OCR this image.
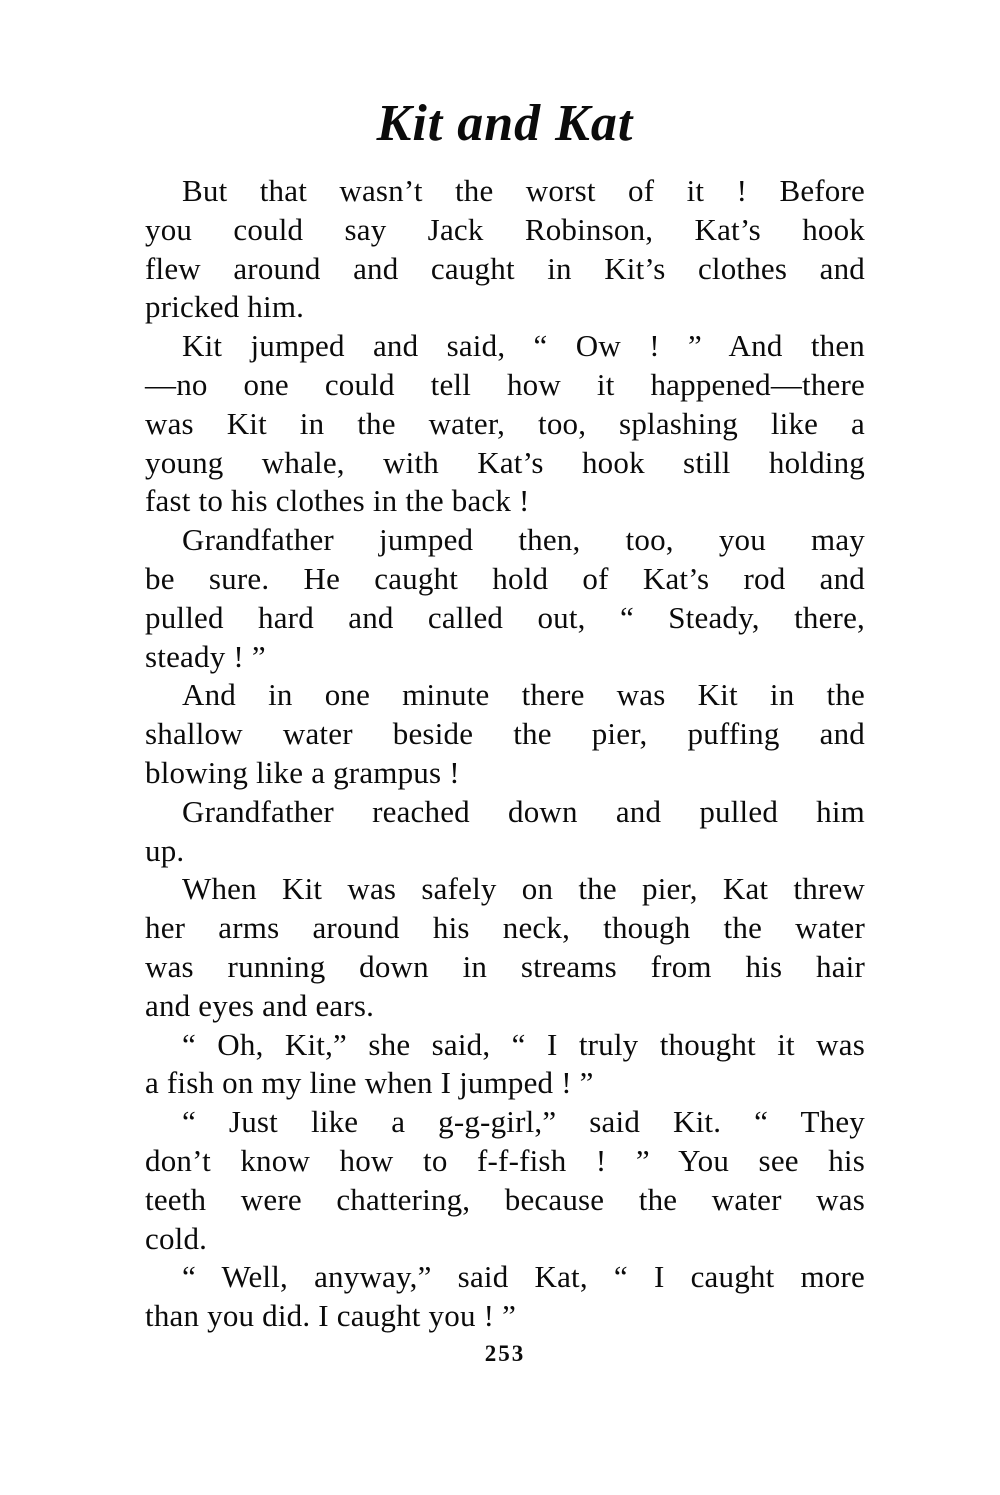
Kit and Kat
But that wasn’t the worst of it ! Before
you could say Jack Robinson, Kat’s hook
flew around and caught in Kit’s clothes and
pricked him.
Kit jumped and said, “ Ow ! ” And then
—no one could tell how it happened—there
was Kit in the water, too, splashing like a
young whale, with Kat’s hook still holding
fast to his clothes in the back !
Grandfather jumped then, too, you may
be sure. He caught hold of Kat’s rod and
pulled hard and called out, “ Steady, there,
steady ! ”
And in one minute there was Kit in the
shallow water beside the pier, puffing and
blowing like a grampus !
Grandfather reached down and pulled him
up.
When Kit was safely on the pier, Kat threw
her arms around his neck, though the water
was running down in streams from his hair
and eyes and ears.
“ Oh, Kit,” she said, “ I truly thought it was
a fish on my line when I jumped ! ”
“ Just like a g-g-girl,” said Kit. “ They
don’t know how to f-f-fish ! ” You see his
teeth were chattering, because the water was
cold.
“ Well, anyway,” said Kat, “ I caught more
than you did. I caught you ! ”
253
